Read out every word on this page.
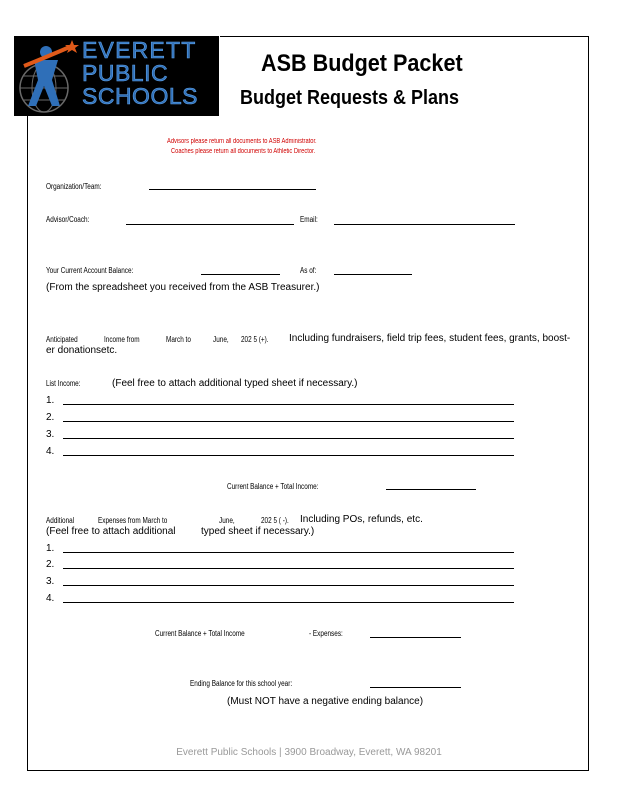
EVERETT
PUBLIC
SCHOOLS
ASB Budget Packet
Budget Requests & Plans
Advisors please return all documents to ASB Administrator.
Coaches please return all documents to Athletic Director.
Organization/Team:
Advisor/Coach:	Email:
Your Current Account Balance:	As of:
(From the spreadsheet you received from the ASB Treasurer.)
Anticipated	Income from	March to	June, 202 5 (+). Including fundraisers, field trip fees, student fees, grants, boost-
er donationsetc.
List Income:	(Feel free to attach additional typed sheet if necessary.)
1.
2.
3.
4.
Current Balance + Total Income:
Additional	Expenses from March to	June,	202 5 ( -). Including POs, refunds, etc.
(Feel free to attach additional	typed sheet if necessary.)
1.
2.
3.
4.
Current Balance + Total Income	- Expenses:
Ending Balance for this school year:
(Must NOT have a negative ending balance)
Everett Public Schools | 3900 Broadway, Everett, WA 98201
